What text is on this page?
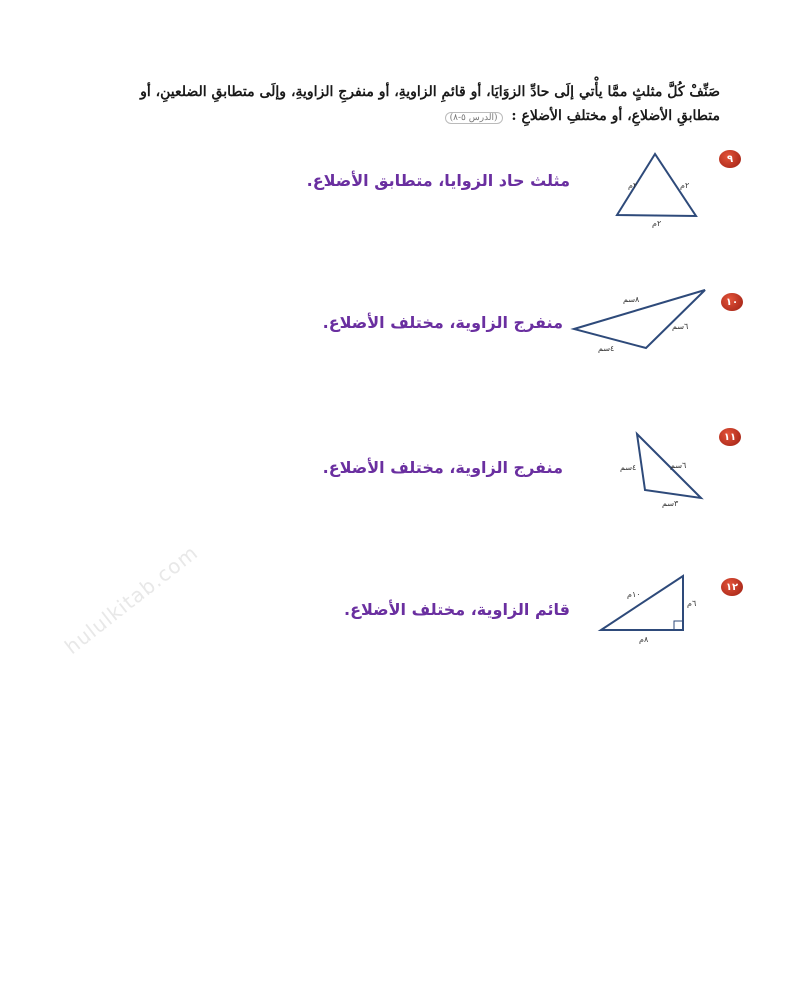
صَنِّفْ كُلَّ مثلثٍ ممَّا يأْتي إلَى حادِّ الزوَايَا، أو قائمِ الزاويةِ، أو منفرجِ الزاويةِ، وإلَى متطابقِ الضلعينِ، أو متطابقِ الأضلاعِ، أو مختلفِ الأضلاعِ : (الدرس ٥-٨)
٩
٢م	٢م
٢م
مثلث حاد الزوايا، متطابق الأضلاع.
١٠
٨سم
٦سم
٤سم
منفرج الزاوية، مختلف الأضلاع.
١١
٤سم	٦سم
٣سم
منفرج الزاوية، مختلف الأضلاع.
١٢
١٠م
٦م
٨م
قائم الزاوية، مختلف الأضلاع.
hululkitab.com
